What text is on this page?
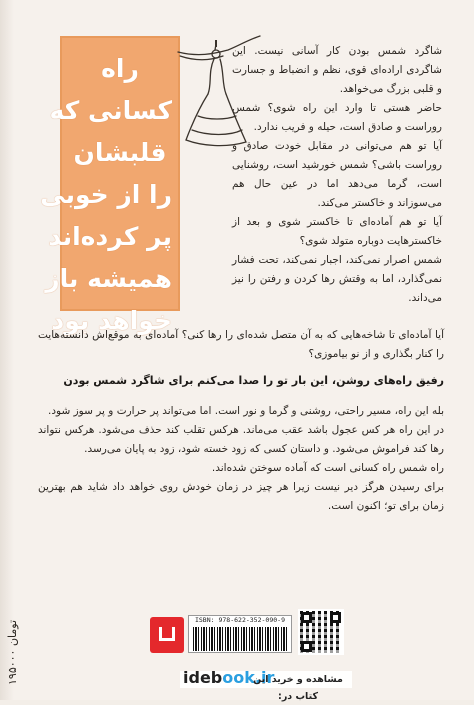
راه
کسانی که
قلبشان
را از خوبی
پر کرده‌اند
همیشه باز
خواهد بود

شاگرد شمس بودن کار آسانی نیست. این شاگردی اراده‌ای قوی، نظم و انضباط و جسارت و قلبی بزرگ می‌خواهد.

حاضر هستی تا وارد این راه شوی؟ شمس روراست و صادق است، حیله و فریب ندارد.

آیا تو هم می‌توانی در مقابل خودت صادق و روراست باشی؟ شمس خورشید است، روشنایی است، گرما می‌دهد اما در عین حال هم می‌سوزاند و خاکستر می‌کند.

آیا تو هم آماده‌ای تا خاکستر شوی و بعد از خاکسترهایت دوباره متولد شوی؟

شمس اصرار نمی‌کند، اجبار نمی‌کند، تحت فشار نمی‌گذارد، اما به وقتش رها کردن و رفتن را نیز می‌داند.

آیا آماده‌ای تا شاخه‌هایی که به آن متصل شده‌ای را رها کنی؟ آماده‌ای به موقع‌اش دانسته‌هایت را کنار بگذاری و از نو بیاموزی؟

رفیق راه‌های روشن، این بار تو را صدا می‌کنم برای شاگرد شمس بودن

بله این راه، مسیر راحتی، روشنی و گرما و نور است. اما می‌تواند پر حرارت و پر سوز شود.

در این راه هر کس عجول باشد عقب می‌ماند. هرکس تقلب کند حذف می‌شود. هرکس نتواند رها کند فراموش می‌شود. و داستان کسی که زود خسته شود، زود به پایان می‌رسد.

راه شمس راه کسانی است که آماده سوختن شده‌اند.

برای رسیدن هرگز دیر نیست زیرا هر چیز در زمان خودش روی خواهد داد شاید هم بهترین زمان برای تو؛ اکنون است.

۱۹۵۰۰۰ تومان	ISBN: 978-622-352-090-9
idebook.ir
مشاهده و خرید این کتاب در:
